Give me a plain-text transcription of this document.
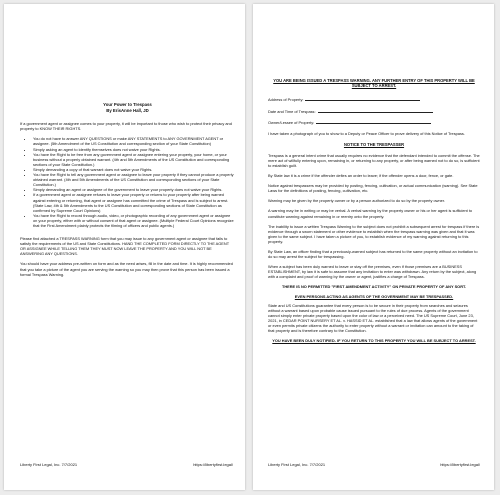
Your Power to Trespass
By ErisAnne Hall, JD

If a government agent or assignee comes to your property, it will be important to those who wish to protect their privacy and property to KNOW THEIR RIGHTS.

• You do not have to answer ANY QUESTIONS or make ANY STATEMENTS to ANY GOVERNMENT AGENT or assignee. (5th Amendment of the US Constitution and corresponding section of your State Constitution)
• Simply asking an agent to identify themselves does not waive your Rights.
• You have the Right to be free from any government agent or assignee entering your property, your home, or your business without a properly obtained warrant. (4th and 5th Amendments of the US Constitution and corresponding sections of your State Constitution.)
• Simply demanding a copy of that warrant does not waive your Rights.
• You have the Right to tell any government agent or assignee to leave your property if they cannot produce a properly obtained warrant. (4th and 5th Amendments of the US Constitution and corresponding sections of your State Constitution.)
• Simply demanding an agent or assignee of the government to leave your property does not waive your Rights.
• If a government agent or assignee refuses to leave your property or returns to your property after being warned against entering or returning, that agent or assignee has committed the crime of Trespass and is subject to arrest. (State Law, 4th & 5th Amendments to the US Constitution and corresponding sections of State Constitution as confirmed by Supreme Court Opinions)
• You have the Right to record through audio, video, or photographic recording of any government agent or assignee on your property, either with or without consent of that agent or assignee. (Multiple Federal Court Opinions recognize that the First Amendment plainly protects the filming of officers and public agents.)

Please find attached a TRESPASS WARNING form that you may issue to any government agent or assignee that fails to satisfy the requirements of the US and State Constitutions. HAND THE COMPLETED FORM DIRECTLY TO THE AGENT OR ASSIGNEE WHILE TELLING THEM THEY MUST NOW LEAVE THE PROPERTY AND YOU WILL NOT BE ANSWERING ANY QUESTIONS.

You should have your address pre-written on form and as the need arises, fill in the date and time. It is highly recommended that you take a picture of the agent you are serving the warning so you may then prove that this person has been issued a formal Trespass Warning.

Liberty First Legal, Inc. 7/7/2021	https://libertyfirst.legal/
YOU ARE BEING ISSUED A TRESPASS WARNING. ANY FURTHER ENTRY OF THIS PROPERTY WILL BE SUBJECT TO ARREST.
Address of Property:
Date and Time of Trespass:
Owner/Lessee of Property:

I have taken a photograph of you to show to a Deputy or Peace Officer to prove delivery of this Notice of Trespass.

NOTICE TO THE TRESPASSER

Trespass is a general intent crime that usually requires no evidence that the defendant intended to commit the offense. The mere act of willfully entering upon, remaining in, or returning to any property, or after being warned not to do so, is sufficient to establish guilt.

By State law it is a crime if the offender defies an order to leave; if the offender opens a door, fence, or gate.

Notice against trespassers may be provided by posting, fencing, cultivation, or actual communication (warning). See State Laws for the definitions of posting, fencing, cultivation, etc.

Warning may be given by the property owner or by a person authorized to do so by the property owner.

A warning may be in writing or may be verbal. A verbal warning by the property owner or his or her agent is sufficient to constitute warning against remaining in or reentry onto the property.

The inability to issue a written Trespass Warning to the subject does not prohibit a subsequent arrest for trespass if there is evidence through a sworn statement or other evidence to establish when the trespass warning was given and that it was given to the same subject. I have taken a picture of you, to establish evidence of my warning against returning to this property.

By State Law, an officer finding that a previously-warned subject has returned to the same property without an invitation to do so may arrest the subject for trespassing.

When a subject has been duly warned to leave or stay off the premises, even if those premises are a BUSINESS ESTABLISHMENT, by law it is safe to assume that any invitation to enter was withdrawn. Any return by the subject, along with a complaint and proof of warning by the owner or agent, justifies a charge of Trespass.

THERE IS NO PERMITTED "FIRST AMENDMENT ACTIVITY" ON PRIVATE PROPERTY OF ANY SORT.
EVEN PERSONS ACTING AS AGENTS OF THE GOVERNMENT MAY BE TRESPASSED.

State and US Constitutions guarantee that every person is to be secure in their property from searches and seizures without a warrant based upon probable cause issued pursuant to the rules of due process. Agents of the government cannot simply enter private property based upon the color of law or a perceived need. The US Supreme Court, June 23, 2021, in CEDAR POINT NURSERY ET AL. v. HASSID ET AL. established that a law that allows agents of the government or even permits private citizens the authority to enter property without a warrant or invitation can amount to the taking of that property and is therefore contrary to the Constitution.

YOU HAVE BEEN DULY NOTIFIED- IF YOU RETURN TO THIS PROPERTY YOU WILL BE SUBJECT TO ARREST.
Liberty First Legal, Inc. 7/7/2021	https://libertyfirst.legal/
